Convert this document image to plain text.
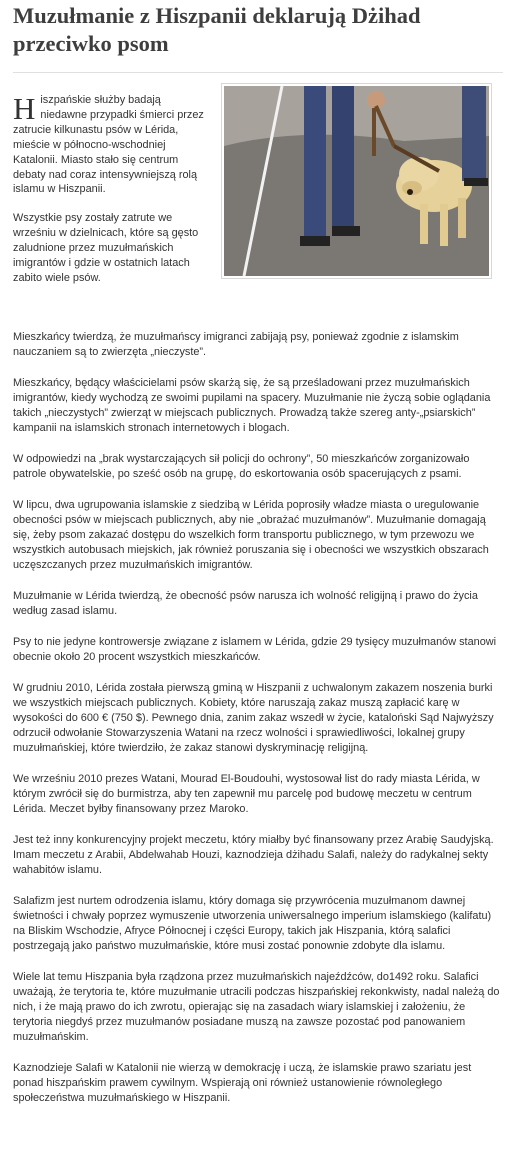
Muzułmanie z Hiszpanii deklarują Dżihad przeciwko psom

Hiszpańskie służby badają niedawne przypadki śmierci przez zatrucie kilkunastu psów w Lérida, mieście w północno-wschodniej Katalonii. Miasto stało się centrum debaty nad coraz intensywniejszą rolą islamu w Hiszpanii.

Wszystkie psy zostały zatrute we wrześniu w dzielnicach, które są gęsto zaludnione przez muzułmańskich imigrantów i gdzie w ostatnich latach zabito wiele psów.

Mieszkańcy twierdzą, że muzułmańscy imigranci zabijają psy, ponieważ zgodnie z islamskim nauczaniem są to zwierzęta „nieczyste”.

Mieszkańcy, będący właścicielami psów skarżą się, że są prześladowani przez muzułmańskich imigrantów, kiedy wychodzą ze swoimi pupilami na spacery. Muzułmanie nie życzą sobie oglądania takich „nieczystych” zwierząt w miejscach publicznych. Prowadzą także szereg anty-„psiarskich” kampanii na islamskich stronach internetowych i blogach.

W odpowiedzi na „brak wystarczających sił policji do ochrony”, 50 mieszkańców zorganizowało patrole obywatelskie, po sześć osób na grupę, do eskortowania osób spacerujących z psami.

W lipcu, dwa ugrupowania islamskie z siedzibą w Lérida poprosiły władze miasta o uregulowanie obecności psów w miejscach publicznych, aby nie „obrażać muzułmanów”. Muzułmanie domagają się, żeby psom zakazać dostępu do wszelkich form transportu publicznego, w tym przewozu we wszystkich autobusach miejskich, jak również poruszania się i obecności we wszystkich obszarach uczęszczanych przez muzułmańskich imigrantów.

Muzułmanie w Lérida twierdzą, że obecność psów narusza ich wolność religijną i prawo do życia według zasad islamu.

Psy to nie jedyne kontrowersje związane z islamem w Lérida, gdzie 29 tysięcy muzułmanów stanowi obecnie około 20 procent wszystkich mieszkańców.

W grudniu 2010, Lérida została pierwszą gminą w Hiszpanii z uchwalonym zakazem noszenia burki we wszystkich miejscach publicznych. Kobiety, które naruszają zakaz muszą zapłacić karę w wysokości do 600 € (750 $). Pewnego dnia, zanim zakaz wszedł w życie, kataloński Sąd Najwyższy odrzucił odwołanie Stowarzyszenia Watani na rzecz wolności i sprawiedliwości, lokalnej grupy muzułmańskiej, które twierdziło, że zakaz stanowi dyskryminację religijną.

We wrześniu 2010 prezes Watani, Mourad El-Boudouhi, wystosował list do rady miasta Lérida, w którym zwrócił się do burmistrza, aby ten zapewnił mu parcelę pod budowę meczetu w centrum Lérida. Meczet byłby finansowany przez Maroko.

Jest też inny konkurencyjny projekt meczetu, który miałby być finansowany przez Arabię Saudyjską. Imam meczetu z Arabii, Abdelwahab Houzi, kaznodzieja dżihadu Salafi, należy do radykalnej sekty wahabitów islamu.

Salafizm jest nurtem odrodzenia islamu, który domaga się przywrócenia muzułmanom dawnej świetności i chwały poprzez wymuszenie utworzenia uniwersalnego imperium islamskiego (kalifatu) na Bliskim Wschodzie, Afryce Północnej i części Europy, takich jak Hiszpania, którą salafici postrzegają jako państwo muzułmańskie, które musi zostać ponownie zdobyte dla islamu.

Wiele lat temu Hiszpania była rządzona przez muzułmańskich najeźdźców, do1492 roku. Salafici uważają, że terytoria te, które muzułmanie utracili podczas hiszpańskiej rekonkwisty, nadal należą do nich, i że mają prawo do ich zwrotu, opierając się na zasadach wiary islamskiej i założeniu, że terytoria niegdyś przez muzułmanów posiadane muszą na zawsze pozostać pod panowaniem muzułmańskim.

Kaznodzieje Salafi w Katalonii nie wierzą w demokrację i uczą, że islamskie prawo szariatu jest ponad hiszpańskim prawem cywilnym. Wspierają oni również ustanowienie równoległego społeczeństwa muzułmańskiego w Hiszpanii.
